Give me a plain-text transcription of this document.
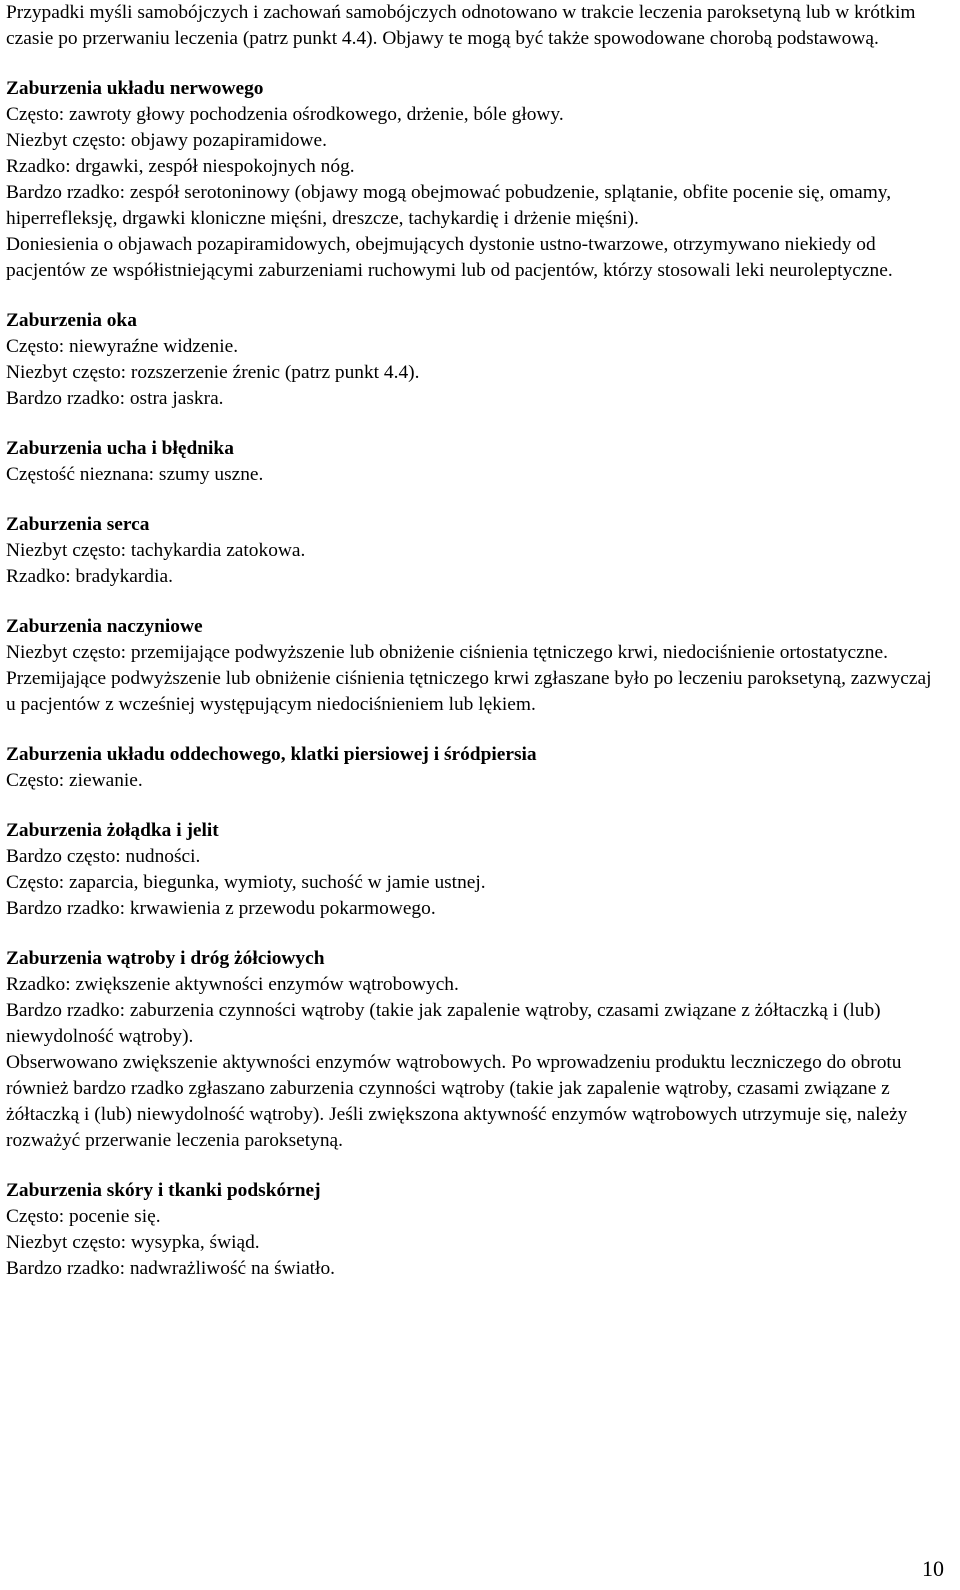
Przypadki myśli samobójczych i zachowań samobójczych odnotowano w trakcie leczenia paroksetyną lub w krótkim czasie po przerwaniu leczenia (patrz punkt 4.4). Objawy te mogą być także spowodowane chorobą podstawową.

Zaburzenia układu nerwowego

Często: zawroty głowy pochodzenia ośrodkowego, drżenie, bóle głowy.

Niezbyt często: objawy pozapiramidowe.

Rzadko: drgawki, zespół niespokojnych nóg.

Bardzo rzadko: zespół serotoninowy (objawy mogą obejmować pobudzenie, splątanie, obfite pocenie się, omamy, hiperrefleksję, drgawki kloniczne mięśni, dreszcze, tachykardię i drżenie mięśni).

Doniesienia o objawach pozapiramidowych, obejmujących dystonie ustno-twarzowe, otrzymywano niekiedy od pacjentów ze współistniejącymi zaburzeniami ruchowymi lub od pacjentów, którzy stosowali leki neuroleptyczne.

Zaburzenia oka

Często: niewyraźne widzenie.

Niezbyt często: rozszerzenie źrenic (patrz punkt 4.4).

Bardzo rzadko: ostra jaskra.

Zaburzenia ucha i błędnika

Częstość nieznana: szumy uszne.

Zaburzenia serca

Niezbyt często: tachykardia zatokowa.

Rzadko: bradykardia.

Zaburzenia naczyniowe

Niezbyt często: przemijające podwyższenie lub obniżenie ciśnienia tętniczego krwi, niedociśnienie ortostatyczne.

Przemijające podwyższenie lub obniżenie ciśnienia tętniczego krwi zgłaszane było po leczeniu paroksetyną, zazwyczaj u pacjentów z wcześniej występującym niedociśnieniem lub lękiem.

Zaburzenia układu oddechowego, klatki piersiowej i śródpiersia

Często: ziewanie.

Zaburzenia żołądka i jelit

Bardzo często: nudności.

Często: zaparcia, biegunka, wymioty, suchość w jamie ustnej.

Bardzo rzadko: krwawienia z przewodu pokarmowego.

Zaburzenia wątroby i dróg żółciowych

Rzadko: zwiększenie aktywności enzymów wątrobowych.

Bardzo rzadko: zaburzenia czynności wątroby (takie jak zapalenie wątroby, czasami związane z żółtaczką i (lub) niewydolność wątroby).

Obserwowano zwiększenie aktywności enzymów wątrobowych. Po wprowadzeniu produktu leczniczego do obrotu również bardzo rzadko zgłaszano zaburzenia czynności wątroby (takie jak zapalenie wątroby, czasami związane z żółtaczką i (lub) niewydolność wątroby). Jeśli zwiększona aktywność enzymów wątrobowych utrzymuje się, należy rozważyć przerwanie leczenia paroksetyną.

Zaburzenia skóry i tkanki podskórnej

Często: pocenie się.

Niezbyt często: wysypka, świąd.

Bardzo rzadko: nadwrażliwość na światło.

10
